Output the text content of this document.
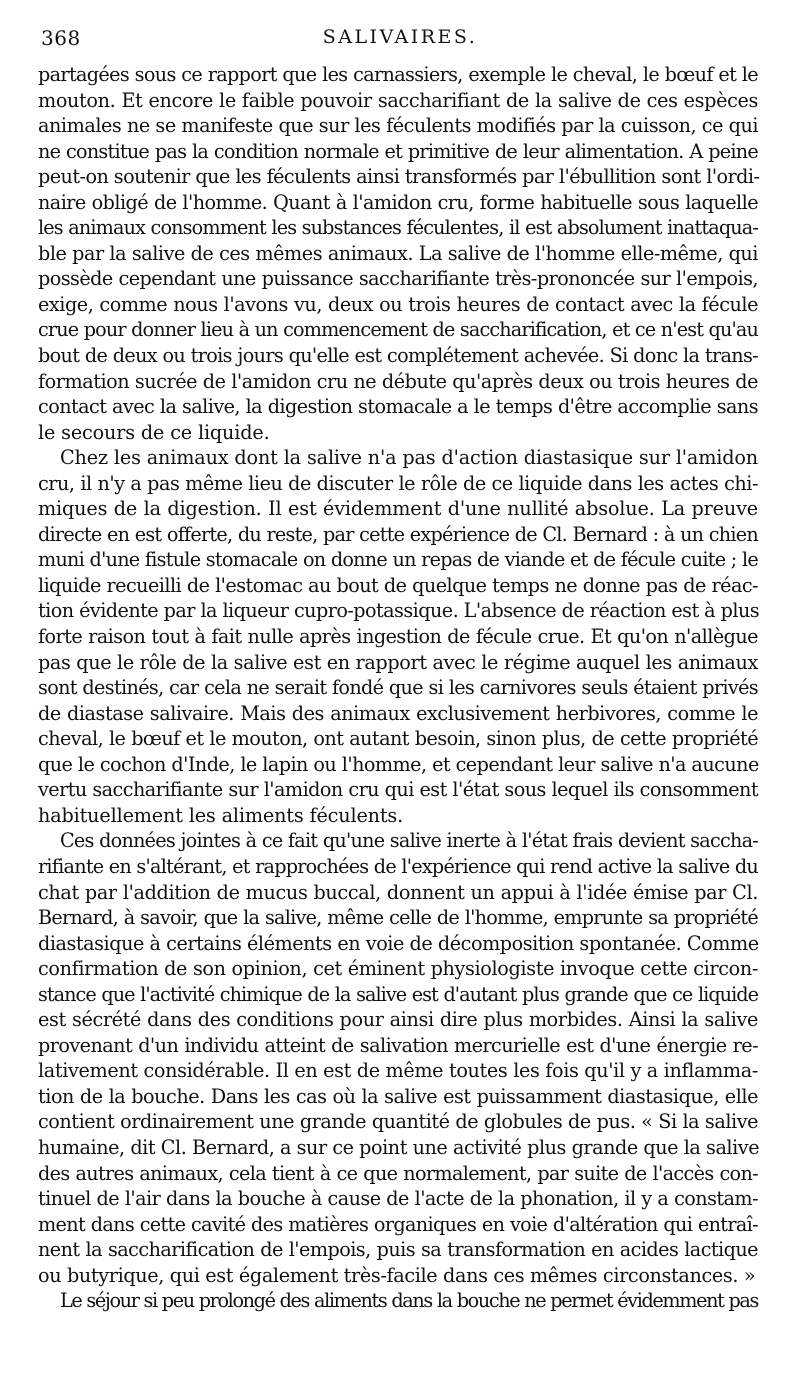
368	SALIVAIRES.
partagées sous ce rapport que les carnassiers, exemple le cheval, le bœuf et le
mouton. Et encore le faible pouvoir saccharifiant de la salive de ces espèces
animales ne se manifeste que sur les féculents modifiés par la cuisson, ce qui
ne constitue pas la condition normale et primitive de leur alimentation. A peine
peut-on soutenir que les féculents ainsi transformés par l'ébullition sont l'ordi-
naire obligé de l'homme. Quant à l'amidon cru, forme habituelle sous laquelle
les animaux consomment les substances féculentes, il est absolument inattaqua-
ble par la salive de ces mêmes animaux. La salive de l'homme elle-même, qui
possède cependant une puissance saccharifiante très-prononcée sur l'empois,
exige, comme nous l'avons vu, deux ou trois heures de contact avec la fécule
crue pour donner lieu à un commencement de saccharification, et ce n'est qu'au
bout de deux ou trois jours qu'elle est complétement achevée. Si donc la trans-
formation sucrée de l'amidon cru ne débute qu'après deux ou trois heures de
contact avec la salive, la digestion stomacale a le temps d'être accomplie sans
le secours de ce liquide.
Chez les animaux dont la salive n'a pas d'action diastasique sur l'amidon
cru, il n'y a pas même lieu de discuter le rôle de ce liquide dans les actes chi-
miques de la digestion. Il est évidemment d'une nullité absolue. La preuve
directe en est offerte, du reste, par cette expérience de Cl. Bernard : à un chien
muni d'une fistule stomacale on donne un repas de viande et de fécule cuite ; le
liquide recueilli de l'estomac au bout de quelque temps ne donne pas de réac-
tion évidente par la liqueur cupro-potassique. L'absence de réaction est à plus
forte raison tout à fait nulle après ingestion de fécule crue. Et qu'on n'allègue
pas que le rôle de la salive est en rapport avec le régime auquel les animaux
sont destinés, car cela ne serait fondé que si les carnivores seuls étaient privés
de diastase salivaire. Mais des animaux exclusivement herbivores, comme le
cheval, le bœuf et le mouton, ont autant besoin, sinon plus, de cette propriété
que le cochon d'Inde, le lapin ou l'homme, et cependant leur salive n'a aucune
vertu saccharifiante sur l'amidon cru qui est l'état sous lequel ils consomment
habituellement les aliments féculents.
Ces données jointes à ce fait qu'une salive inerte à l'état frais devient saccha-
rifiante en s'altérant, et rapprochées de l'expérience qui rend active la salive du
chat par l'addition de mucus buccal, donnent un appui à l'idée émise par Cl.
Bernard, à savoir, que la salive, même celle de l'homme, emprunte sa propriété
diastasique à certains éléments en voie de décomposition spontanée. Comme
confirmation de son opinion, cet éminent physiologiste invoque cette circon-
stance que l'activité chimique de la salive est d'autant plus grande que ce liquide
est sécrété dans des conditions pour ainsi dire plus morbides. Ainsi la salive
provenant d'un individu atteint de salivation mercurielle est d'une énergie re-
lativement considérable. Il en est de même toutes les fois qu'il y a inflamma-
tion de la bouche. Dans les cas où la salive est puissamment diastasique, elle
contient ordinairement une grande quantité de globules de pus. « Si la salive
humaine, dit Cl. Bernard, a sur ce point une activité plus grande que la salive
des autres animaux, cela tient à ce que normalement, par suite de l'accès con-
tinuel de l'air dans la bouche à cause de l'acte de la phonation, il y a constam-
ment dans cette cavité des matières organiques en voie d'altération qui entraî-
nent la saccharification de l'empois, puis sa transformation en acides lactique
ou butyrique, qui est également très-facile dans ces mêmes circonstances. »
Le séjour si peu prolongé des aliments dans la bouche ne permet évidemment pas
